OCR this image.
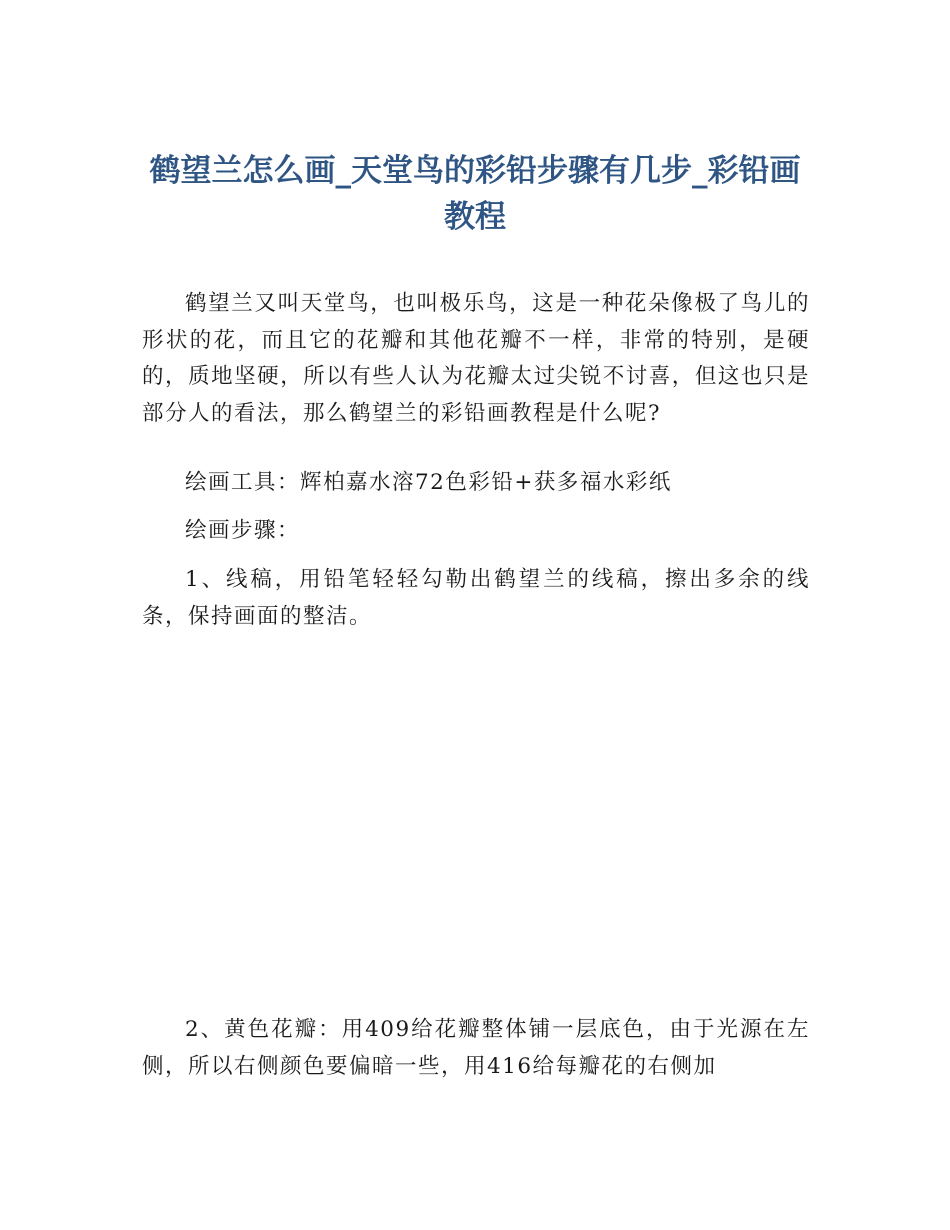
鹤望兰怎么画_天堂鸟的彩铅步骤有几步_彩铅画教程

鹤望兰又叫天堂鸟，也叫极乐鸟，这是一种花朵像极了鸟儿的形状的花，而且它的花瓣和其他花瓣不一样，非常的特别，是硬的，质地坚硬，所以有些人认为花瓣太过尖锐不讨喜，但这也只是部分人的看法，那么鹤望兰的彩铅画教程是什么呢?

绘画工具：辉柏嘉水溶72色彩铅+获多福水彩纸

绘画步骤：

1、线稿，用铅笔轻轻勾勒出鹤望兰的线稿，擦出多余的线条，保持画面的整洁。

2、黄色花瓣：用409给花瓣整体铺一层底色，由于光源在左侧，所以右侧颜色要偏暗一些，用416给每瓣花的右侧加
